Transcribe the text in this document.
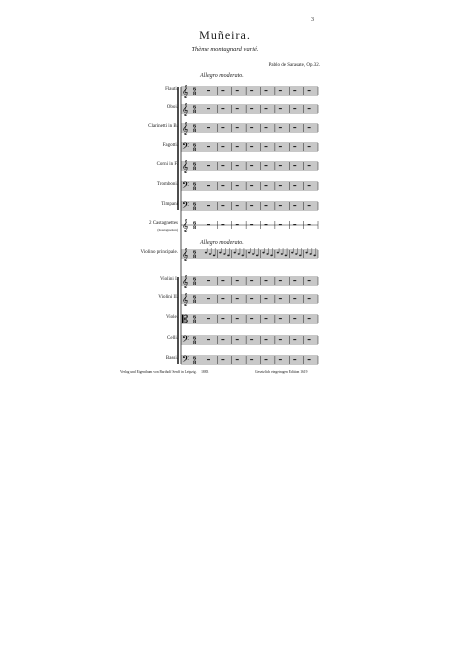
3
Muñeira.
Thème montagnard varié.
Pablo de Sarasate, Op.32.
Allegro moderato.
Allegro moderato.
Flauti.
Oboi.
Clarinetti in B.
Fagotti.
Corni in F.
Tromboni.
Timpani
2 Castagnettes
(Kastagnetten)
Violino principale.
Violini I.
Violini II.
Viole.
Celli.
Bassi.
𝄞 6
8
𝄞 6
8
𝄞 6
8
𝄢 6
8
𝄞 6
8
𝄢 6
8
𝄢 6
8
𝄞 6
8
𝄞 6
8
𝄞 6
8
𝄞 6
8
𝄡 6
8
𝄢 6
8
𝄢 6
8
Verlag und Eigenthum von Bartholf Senff in Leipzig. 1883	Gesetzlich eingetragen Edition 1619
